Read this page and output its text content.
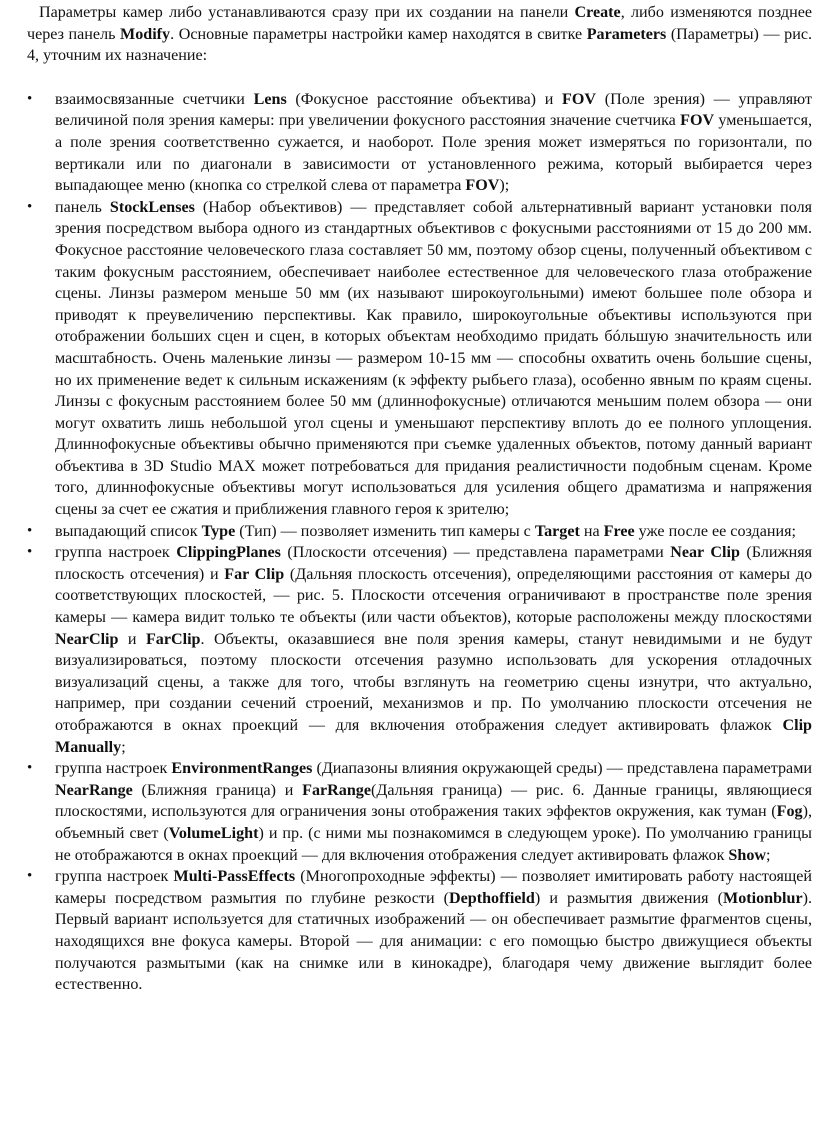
Параметры камер либо устанавливаются сразу при их создании на панели Create, либо изменяются позднее через панель Modify. Основные параметры настройки камер находятся в свитке Parameters (Параметры) — рис. 4, уточним их назначение:

• взаимосвязанные счетчики Lens (Фокусное расстояние объектива) и FOV (Поле зрения) — управляют величиной поля зрения камеры: при увеличении фокусного расстояния значение счетчика FOV уменьшается, а поле зрения соответственно сужается, и наоборот. Поле зрения может измеряться по горизонтали, по вертикали или по диагонали в зависимости от установленного режима, который выбирается через выпадающее меню (кнопка со стрелкой слева от параметра FOV);
• панель StockLenses (Набор объективов) — представляет собой альтернативный вариант установки поля зрения посредством выбора одного из стандартных объективов с фокусными расстояниями от 15 до 200 мм. Фокусное расстояние человеческого глаза составляет 50 мм, поэтому обзор сцены, полученный объективом с таким фокусным расстоянием, обеспечивает наиболее естественное для человеческого глаза отображение сцены. Линзы размером меньше 50 мм (их называют широкоугольными) имеют большее поле обзора и приводят к преувеличению перспективы. Как правило, широкоугольные объективы используются при отображении больших сцен и сцен, в которых объектам необходимо придать бóльшую значительность или масштабность. Очень маленькие линзы — размером 10-15 мм — способны охватить очень большие сцены, но их применение ведет к сильным искажениям (к эффекту рыбьего глаза), особенно явным по краям сцены. Линзы с фокусным расстоянием более 50 мм (длиннофокусные) отличаются меньшим полем обзора — они могут охватить лишь небольшой угол сцены и уменьшают перспективу вплоть до ее полного уплощения. Длиннофокусные объективы обычно применяются при съемке удаленных объектов, потому данный вариант объектива в 3D Studio MAX может потребоваться для придания реалистичности подобным сценам. Кроме того, длиннофокусные объективы могут использоваться для усиления общего драматизма и напряжения сцены за счет ее сжатия и приближения главного героя к зрителю;
• выпадающий список Type (Тип) — позволяет изменить тип камеры с Target на Free уже после ее создания;
• группа настроек ClippingPlanes (Плоскости отсечения) — представлена параметрами Near Clip (Ближняя плоскость отсечения) и Far Clip (Дальняя плоскость отсечения), определяющими расстояния от камеры до соответствующих плоскостей, — рис. 5. Плоскости отсечения ограничивают в пространстве поле зрения камеры — камера видит только те объекты (или части объектов), которые расположены между плоскостями NearClip и FarClip. Объекты, оказавшиеся вне поля зрения камеры, станут невидимыми и не будут визуализироваться, поэтому плоскости отсечения разумно использовать для ускорения отладочных визуализаций сцены, а также для того, чтобы взглянуть на геометрию сцены изнутри, что актуально, например, при создании сечений строений, механизмов и пр. По умолчанию плоскости отсечения не отображаются в окнах проекций — для включения отображения следует активировать флажок Clip Manually;
• группа настроек EnvironmentRanges (Диапазоны влияния окружающей среды) — представлена параметрами NearRange (Ближняя граница) и FarRange(Дальняя граница) — рис. 6. Данные границы, являющиеся плоскостями, используются для ограничения зоны отображения таких эффектов окружения, как туман (Fog), объемный свет (VolumeLight) и пр. (с ними мы познакомимся в следующем уроке). По умолчанию границы не отображаются в окнах проекций — для включения отображения следует активировать флажок Show;
• группа настроек Multi-PassEffects (Многопроходные эффекты) — позволяет имитировать работу настоящей камеры посредством размытия по глубине резкости (Depthoffield) и размытия движения (Motionblur). Первый вариант используется для статичных изображений — он обеспечивает размытие фрагментов сцены, находящихся вне фокуса камеры. Второй — для анимации: с его помощью быстро движущиеся объекты получаются размытыми (как на снимке или в кинокадре), благодаря чему движение выглядит более естественно.
